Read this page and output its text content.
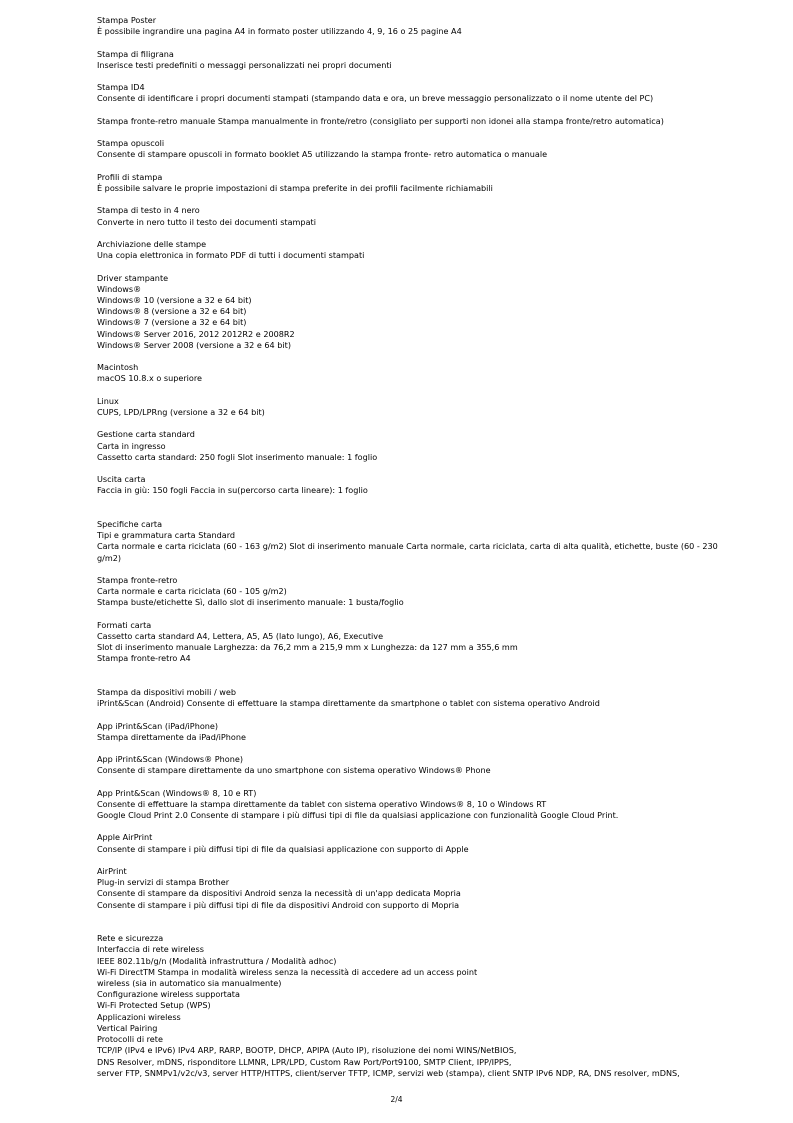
Stampa Poster
È possibile ingrandire una pagina A4 in formato poster utilizzando 4, 9, 16 o 25 pagine A4
Stampa di filigrana
Inserisce testi predefiniti o messaggi personalizzati nei propri documenti
Stampa ID4
Consente di identificare i propri documenti stampati (stampando data e ora, un breve messaggio personalizzato o il nome utente del PC)
Stampa fronte-retro manuale Stampa manualmente in fronte/retro (consigliato per supporti non idonei alla stampa fronte/retro automatica)
Stampa opuscoli
Consente di stampare opuscoli in formato booklet A5 utilizzando la stampa fronte- retro automatica o manuale
Profili di stampa
È possibile salvare le proprie impostazioni di stampa preferite in dei profili facilmente richiamabili
Stampa di testo in 4 nero
Converte in nero tutto il testo dei documenti stampati
Archiviazione delle stampe
Una copia elettronica in formato PDF di tutti i documenti stampati
Driver stampante
Windows®
Windows® 10 (versione a 32 e 64 bit)
Windows® 8 (versione a 32 e 64 bit)
Windows® 7 (versione a 32 e 64 bit)
Windows® Server 2016, 2012 2012R2 e 2008R2
Windows® Server 2008 (versione a 32 e 64 bit)
Macintosh
macOS 10.8.x o superiore
Linux
CUPS, LPD/LPRng (versione a 32 e 64 bit)
Gestione carta standard
Carta in ingresso
Cassetto carta standard: 250 fogli Slot inserimento manuale: 1 foglio
Uscita carta
Faccia in giù: 150 fogli Faccia in su(percorso carta lineare): 1 foglio
Specifiche carta
Tipi e grammatura carta Standard
Carta normale e carta riciclata (60 - 163 g/m2) Slot di inserimento manuale Carta normale, carta riciclata, carta di alta qualità, etichette, buste (60 - 230
g/m2)
Stampa fronte-retro
Carta normale e carta riciclata (60 - 105 g/m2)
Stampa buste/etichette Sì, dallo slot di inserimento manuale: 1 busta/foglio
Formati carta
Cassetto carta standard A4, Lettera, A5, A5 (lato lungo), A6, Executive
Slot di inserimento manuale Larghezza: da 76,2 mm a 215,9 mm x Lunghezza: da 127 mm a 355,6 mm
Stampa fronte-retro A4
Stampa da dispositivi mobili / web
iPrint&Scan (Android) Consente di effettuare la stampa direttamente da smartphone o tablet con sistema operativo Android
App iPrint&Scan (iPad/iPhone)
Stampa direttamente da iPad/iPhone
App iPrint&Scan (Windows® Phone)
Consente di stampare direttamente da uno smartphone con sistema operativo Windows® Phone
App Print&Scan (Windows® 8, 10 e RT)
Consente di effettuare la stampa direttamente da tablet con sistema operativo Windows® 8, 10 o Windows RT
Google Cloud Print 2.0 Consente di stampare i più diffusi tipi di file da qualsiasi applicazione con funzionalità Google Cloud Print.
Apple AirPrint
Consente di stampare i più diffusi tipi di file da qualsiasi applicazione con supporto di Apple
AirPrint
Plug-in servizi di stampa Brother
Consente di stampare da dispositivi Android senza la necessità di un'app dedicata Mopria
Consente di stampare i più diffusi tipi di file da dispositivi Android con supporto di Mopria
Rete e sicurezza
Interfaccia di rete wireless
IEEE 802.11b/g/n (Modalità infrastruttura / Modalità adhoc)
Wi-Fi DirectTM Stampa in modalità wireless senza la necessità di accedere ad un access point
wireless (sia in automatico sia manualmente)
Configurazione wireless supportata
Wi-Fi Protected Setup (WPS)
Applicazioni wireless
Vertical Pairing
Protocolli di rete
TCP/IP (IPv4 e IPv6) IPv4 ARP, RARP, BOOTP, DHCP, APIPA (Auto IP), risoluzione dei nomi WINS/NetBIOS,
DNS Resolver, mDNS, risponditore LLMNR, LPR/LPD, Custom Raw Port/Port9100, SMTP Client, IPP/IPPS,
server FTP, SNMPv1/v2c/v3, server HTTP/HTTPS, client/server TFTP, ICMP, servizi web (stampa), client SNTP IPv6 NDP, RA, DNS resolver, mDNS,
2/4
